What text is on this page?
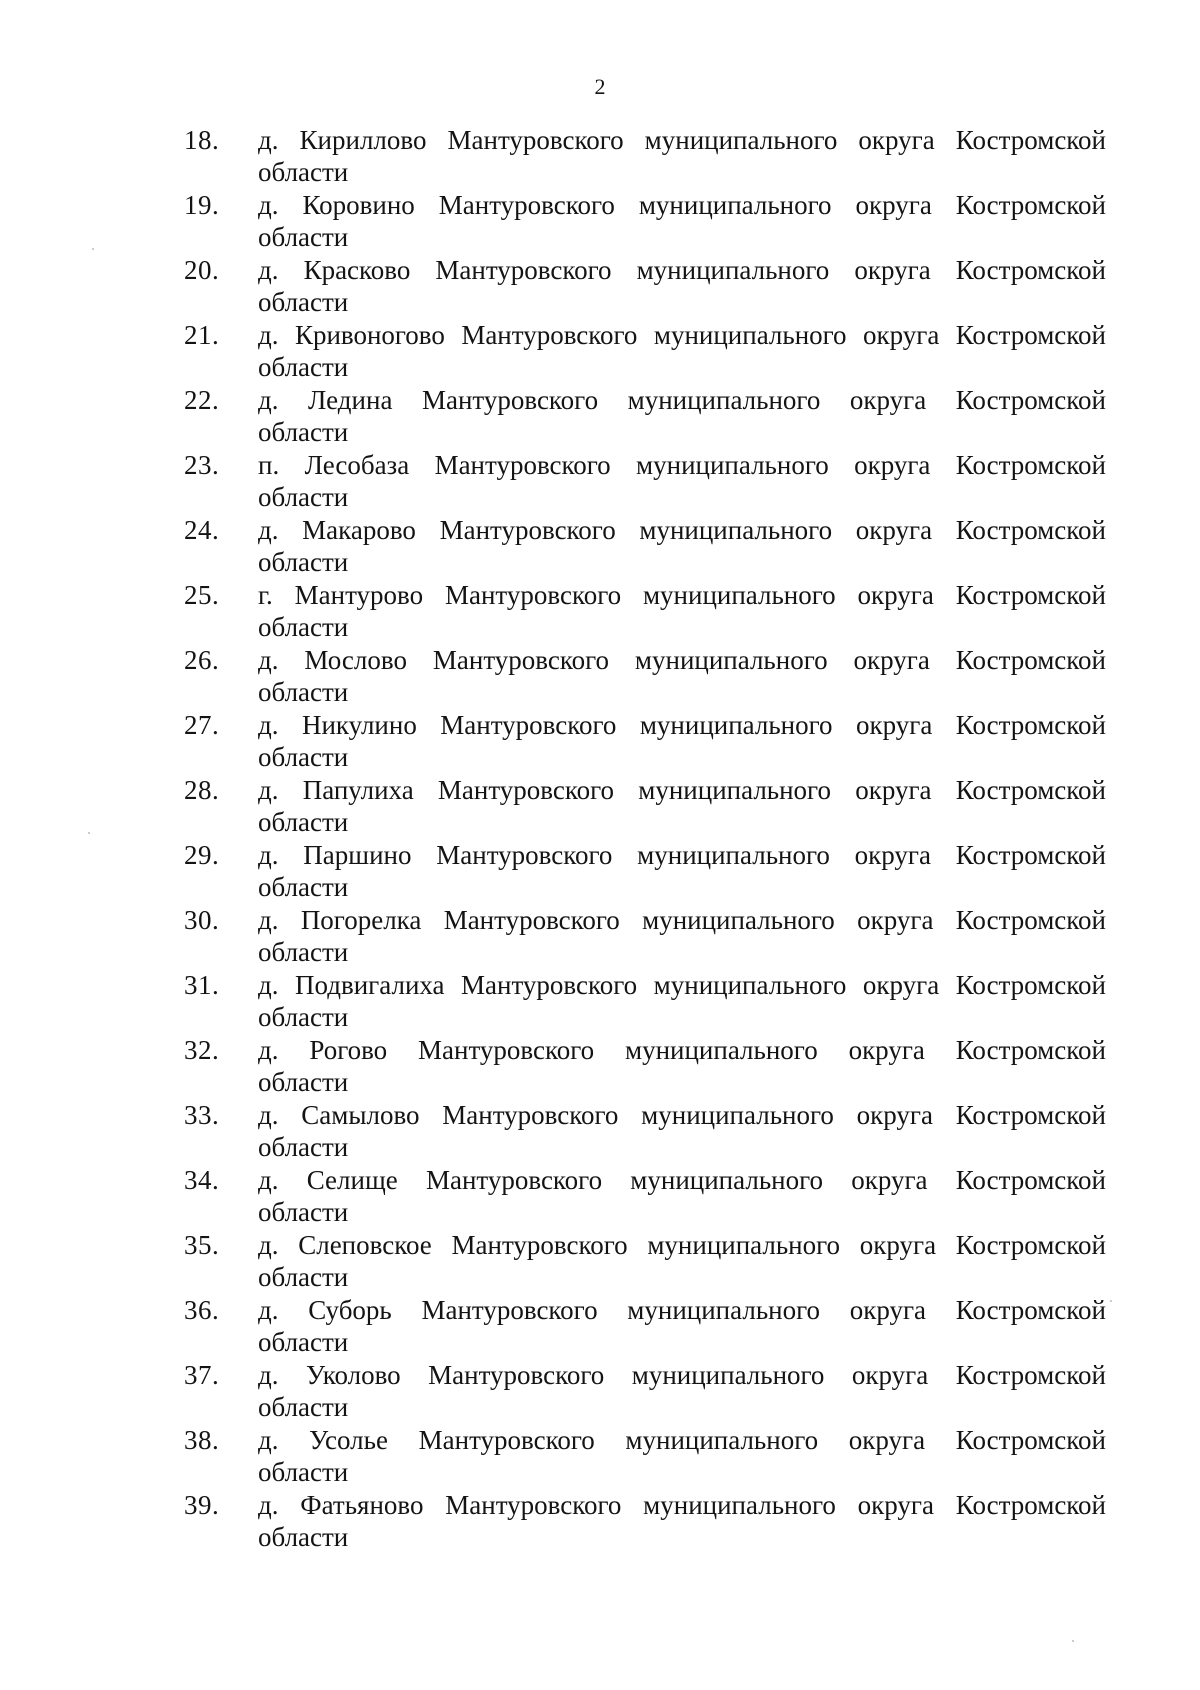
2
18.	д. Кириллово Мантуровского муниципального округа Костромской
области
19.	д. Коровино Мантуровского муниципального округа Костромской
области
20.	д. Красково Мантуровского муниципального округа Костромской
области
21.	д. Кривоногово Мантуровского муниципального округа Костромской
области
22.	д. Ледина Мантуровского муниципального округа Костромской
области
23.	п. Лесобаза Мантуровского муниципального округа Костромской
области
24.	д. Макарово Мантуровского муниципального округа Костромской
области
25.	г. Мантурово Мантуровского муниципального округа Костромской
области
26.	д. Мослово Мантуровского муниципального округа Костромской
области
27.	д. Никулино Мантуровского муниципального округа Костромской
области
28.	д. Папулиха Мантуровского муниципального округа Костромской
области
29.	д. Паршино Мантуровского муниципального округа Костромской
области
30.	д. Погорелка Мантуровского муниципального округа Костромской
области
31.	д. Подвигалиха Мантуровского муниципального округа Костромской
области
32.	д. Рогово Мантуровского муниципального округа Костромской
области
33.	д. Самылово Мантуровского муниципального округа Костромской
области
34.	д. Селище Мантуровского муниципального округа Костромской
области
35.	д. Слеповское Мантуровского муниципального округа Костромской
области
36.	д. Суборь Мантуровского муниципального округа Костромской
области
37.	д. Уколово Мантуровского муниципального округа Костромской
области
38.	д. Усолье Мантуровского муниципального округа Костромской
области
39.	д. Фатьяново Мантуровского муниципального округа Костромской
области
